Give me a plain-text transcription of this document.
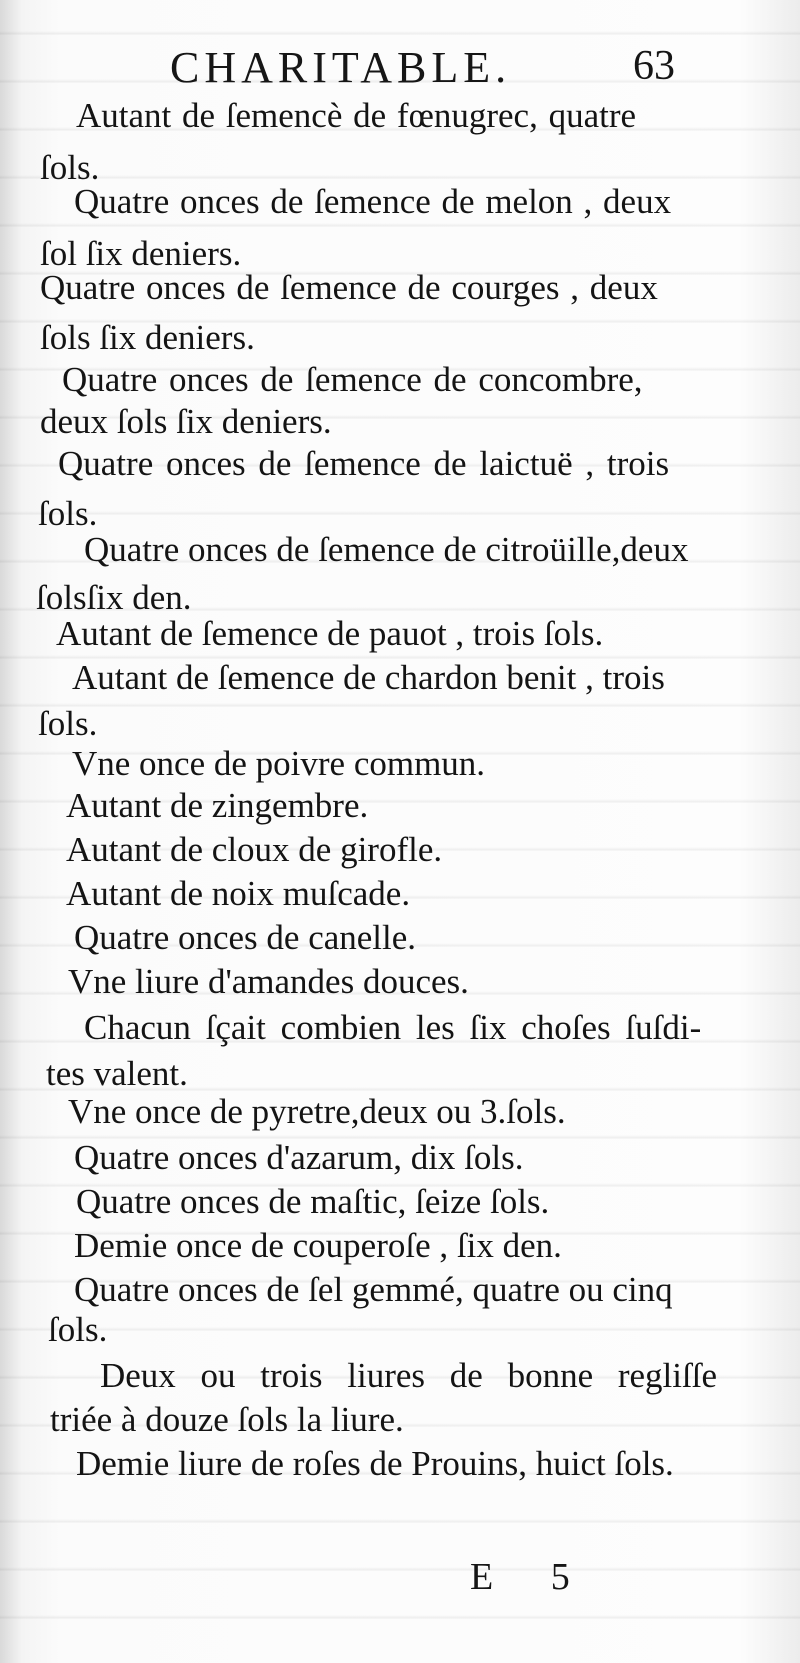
CHARITABLE.	63
Autant de ſemencè de fœnugrec, quatre
ſols.
Quatre onces de ſemence de melon , deux
ſol ſix deniers.
Quatre onces de ſemence de courges , deux
ſols ſix deniers.
Quatre onces de ſemence de concombre,
deux ſols ſix deniers.
Quatre onces de ſemence de laictuë , trois
ſols.
Quatre onces de ſemence de citroüille,deux
ſolsſix den.
Autant de ſemence de pauot , trois ſols.
Autant de ſemence de chardon benit , trois
ſols.
Vne once de poivre commun.
Autant de zingembre.
Autant de cloux de girofle.
Autant de noix muſcade.
Quatre onces de canelle.
Vne liure d'amandes douces.
Chacun ſçait combien les ſix choſes ſuſdi-
tes valent.
Vne once de pyretre,deux ou 3.ſols.
Quatre onces d'azarum, dix ſols.
Quatre onces de maſtic, ſeize ſols.
Demie once de couperoſe , ſix den.
Quatre onces de ſel gemmé, quatre ou cinq
ſols.
Deux ou trois liures de bonne regliſſe
triée à douze ſols la liure.
Demie liure de roſes de Prouins, huict ſols.
E 5
